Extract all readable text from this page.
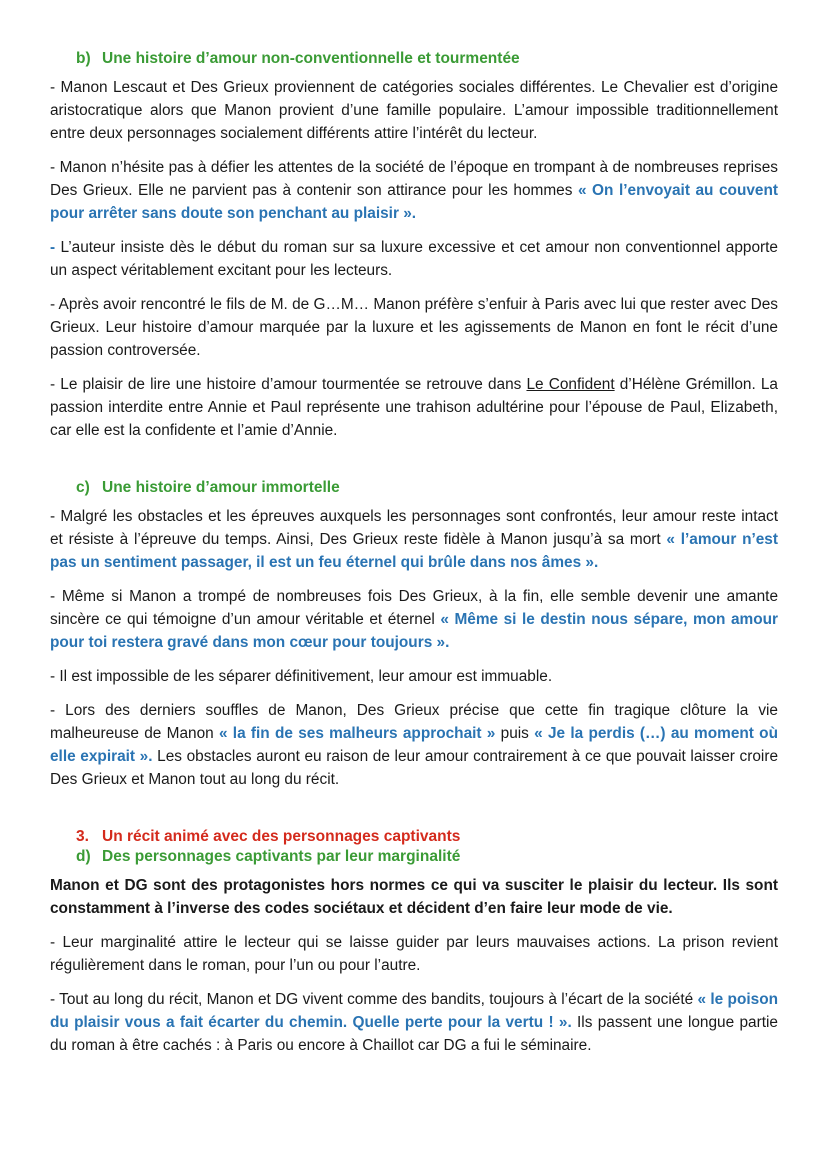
b) Une histoire d’amour non-conventionnelle et tourmentée

- Manon Lescaut et Des Grieux proviennent de catégories sociales différentes. Le Chevalier est d’origine aristocratique alors que Manon provient d’une famille populaire. L’amour impossible traditionnellement entre deux personnages socialement différents attire l’intérêt du lecteur.

- Manon n’hésite pas à défier les attentes de la société de l’époque en trompant à de nombreuses reprises Des Grieux. Elle ne parvient pas à contenir son attirance pour les hommes « On l’envoyait au couvent pour arrêter sans doute son penchant au plaisir ».

- L’auteur insiste dès le début du roman sur sa luxure excessive et cet amour non conventionnel apporte un aspect véritablement excitant pour les lecteurs.

- Après avoir rencontré le fils de M. de G…M… Manon préfère s’enfuir à Paris avec lui que rester avec Des Grieux. Leur histoire d’amour marquée par la luxure et les agissements de Manon en font le récit d’une passion controversée.

- Le plaisir de lire une histoire d’amour tourmentée se retrouve dans Le Confident d’Hélène Grémillon. La passion interdite entre Annie et Paul représente une trahison adultérine pour l’épouse de Paul, Elizabeth, car elle est la confidente et l’amie d’Annie.

c) Une histoire d’amour immortelle

- Malgré les obstacles et les épreuves auxquels les personnages sont confrontés, leur amour reste intact et résiste à l’épreuve du temps. Ainsi, Des Grieux reste fidèle à Manon jusqu’à sa mort « l’amour n’est pas un sentiment passager, il est un feu éternel qui brûle dans nos âmes ».

- Même si Manon a trompé de nombreuses fois Des Grieux, à la fin, elle semble devenir une amante sincère ce qui témoigne d’un amour véritable et éternel « Même si le destin nous sépare, mon amour pour toi restera gravé dans mon cœur pour toujours ».

- Il est impossible de les séparer définitivement, leur amour est immuable.

- Lors des derniers souffles de Manon, Des Grieux précise que cette fin tragique clôture la vie malheureuse de Manon « la fin de ses malheurs approchait » puis « Je la perdis (…) au moment où elle expirait ». Les obstacles auront eu raison de leur amour contrairement à ce que pouvait laisser croire Des Grieux et Manon tout au long du récit.

3. Un récit animé avec des personnages captivants
d) Des personnages captivants par leur marginalité

Manon et DG sont des protagonistes hors normes ce qui va susciter le plaisir du lecteur. Ils sont constamment à l’inverse des codes sociétaux et décident d’en faire leur mode de vie.

- Leur marginalité attire le lecteur qui se laisse guider par leurs mauvaises actions. La prison revient régulièrement dans le roman, pour l’un ou pour l’autre.

- Tout au long du récit, Manon et DG vivent comme des bandits, toujours à l’écart de la société « le poison du plaisir vous a fait écarter du chemin. Quelle perte pour la vertu ! ». Ils passent une longue partie du roman à être cachés : à Paris ou encore à Chaillot car DG a fui le séminaire.
